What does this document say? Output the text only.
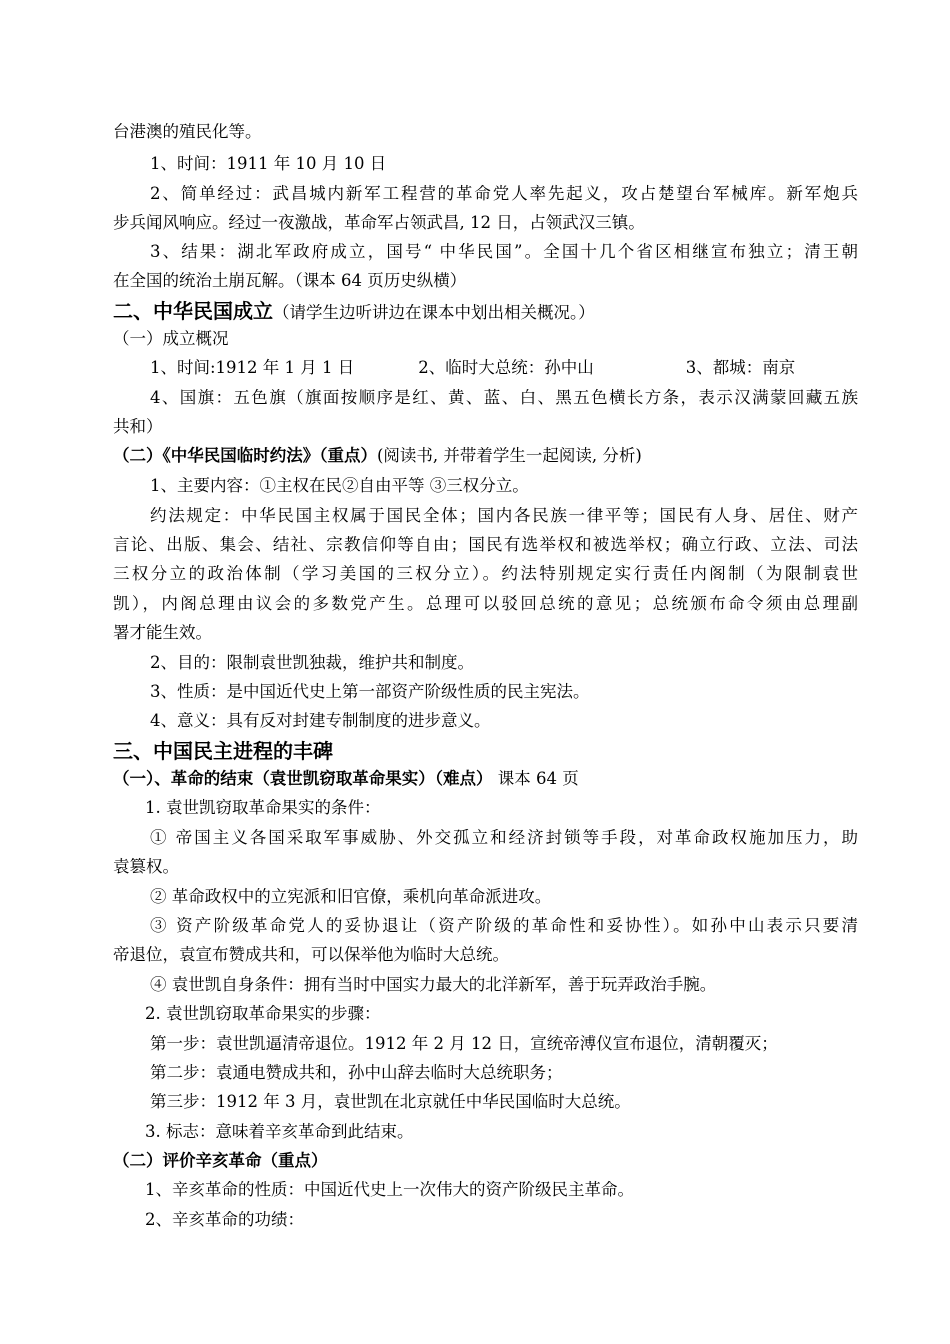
台港澳的殖民化等。
1、时间：1911 年 10 月 10 日
2、简单经过：武昌城内新军工程营的革命党人率先起义，攻占楚望台军械库。新军炮兵
步兵闻风响应。经过一夜激战，革命军占领武昌, 12 日，占领武汉三镇。
3、结果：湖北军政府成立，国号“ 中华民国”。全国十几个省区相继宣布独立；清王朝
在全国的统治土崩瓦解。（课本 64 页历史纵横）
二、中华民国成立（请学生边听讲边在课本中划出相关概况。）
（一）成立概况
1、时间:1912 年 1 月 1 日	2、临时大总统：孙中山	3、都城：南京
4、国旗：五色旗（旗面按顺序是红、黄、蓝、白、黑五色横长方条，表示汉满蒙回藏五族
共和）
（二）《中华民国临时约法》（重点）(阅读书, 并带着学生一起阅读, 分析)
1、主要内容：①主权在民②自由平等 ③三权分立。
约法规定：中华民国主权属于国民全体；国内各民族一律平等；国民有人身、居住、财产
言论、出版、集会、结社、宗教信仰等自由；国民有选举权和被选举权；确立行政、立法、司法
三权分立的政治体制（学习美国的三权分立）。约法特别规定实行责任内阁制（为限制袁世
凯），内阁总理由议会的多数党产生。总理可以驳回总统的意见；总统颁布命令须由总理副
署才能生效。
2、目的：限制袁世凯独裁，维护共和制度。
3、性质：是中国近代史上第一部资产阶级性质的民主宪法。
4、意义：具有反对封建专制制度的进步意义。
三、中国民主进程的丰碑
（一）、革命的结束（袁世凯窃取革命果实）（难点） 课本 64 页
1. 袁世凯窃取革命果实的条件：
① 帝国主义各国采取军事威胁、外交孤立和经济封锁等手段，对革命政权施加压力，助
袁篡权。
② 革命政权中的立宪派和旧官僚，乘机向革命派进攻。
③ 资产阶级革命党人的妥协退让（资产阶级的革命性和妥协性）。如孙中山表示只要清
帝退位，袁宣布赞成共和，可以保举他为临时大总统。
④ 袁世凯自身条件：拥有当时中国实力最大的北洋新军，善于玩弄政治手腕。
2. 袁世凯窃取革命果实的步骤：
第一步：袁世凯逼清帝退位。1912 年 2 月 12 日，宣统帝溥仪宣布退位，清朝覆灭；
第二步：袁通电赞成共和，孙中山辞去临时大总统职务；
第三步：1912 年 3 月，袁世凯在北京就任中华民国临时大总统。
3. 标志：意味着辛亥革命到此结束。
（二）评价辛亥革命（重点）
1、辛亥革命的性质：中国近代史上一次伟大的资产阶级民主革命。
2、辛亥革命的功绩：
